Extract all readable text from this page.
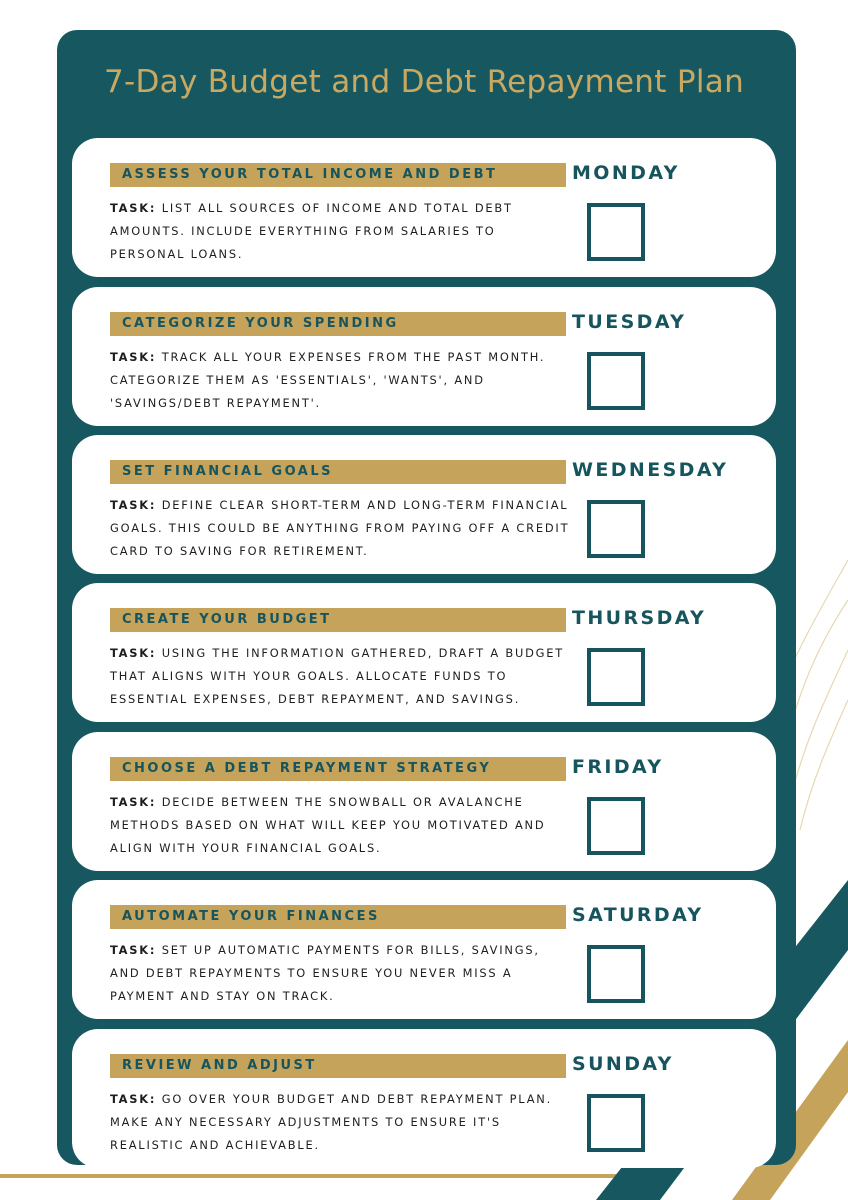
7-Day Budget and Debt Repayment Plan
ASSESS YOUR TOTAL INCOME AND DEBT	MONDAY
TASK: LIST ALL SOURCES OF INCOME AND TOTAL DEBT AMOUNTS. INCLUDE EVERYTHING FROM SALARIES TO PERSONAL LOANS.
CATEGORIZE YOUR SPENDING	TUESDAY
TASK: TRACK ALL YOUR EXPENSES FROM THE PAST MONTH. CATEGORIZE THEM AS 'ESSENTIALS', 'WANTS', AND 'SAVINGS/DEBT REPAYMENT'.
SET FINANCIAL GOALS	WEDNESDAY
TASK: DEFINE CLEAR SHORT-TERM AND LONG-TERM FINANCIAL GOALS. THIS COULD BE ANYTHING FROM PAYING OFF A CREDIT CARD TO SAVING FOR RETIREMENT.
CREATE YOUR BUDGET	THURSDAY
TASK: USING THE INFORMATION GATHERED, DRAFT A BUDGET THAT ALIGNS WITH YOUR GOALS. ALLOCATE FUNDS TO ESSENTIAL EXPENSES, DEBT REPAYMENT, AND SAVINGS.
CHOOSE A DEBT REPAYMENT STRATEGY	FRIDAY
TASK: DECIDE BETWEEN THE SNOWBALL OR AVALANCHE METHODS BASED ON WHAT WILL KEEP YOU MOTIVATED AND ALIGN WITH YOUR FINANCIAL GOALS.
AUTOMATE YOUR FINANCES	SATURDAY
TASK: SET UP AUTOMATIC PAYMENTS FOR BILLS, SAVINGS, AND DEBT REPAYMENTS TO ENSURE YOU NEVER MISS A PAYMENT AND STAY ON TRACK.
REVIEW AND ADJUST	SUNDAY
TASK: GO OVER YOUR BUDGET AND DEBT REPAYMENT PLAN. MAKE ANY NECESSARY ADJUSTMENTS TO ENSURE IT'S REALISTIC AND ACHIEVABLE.
